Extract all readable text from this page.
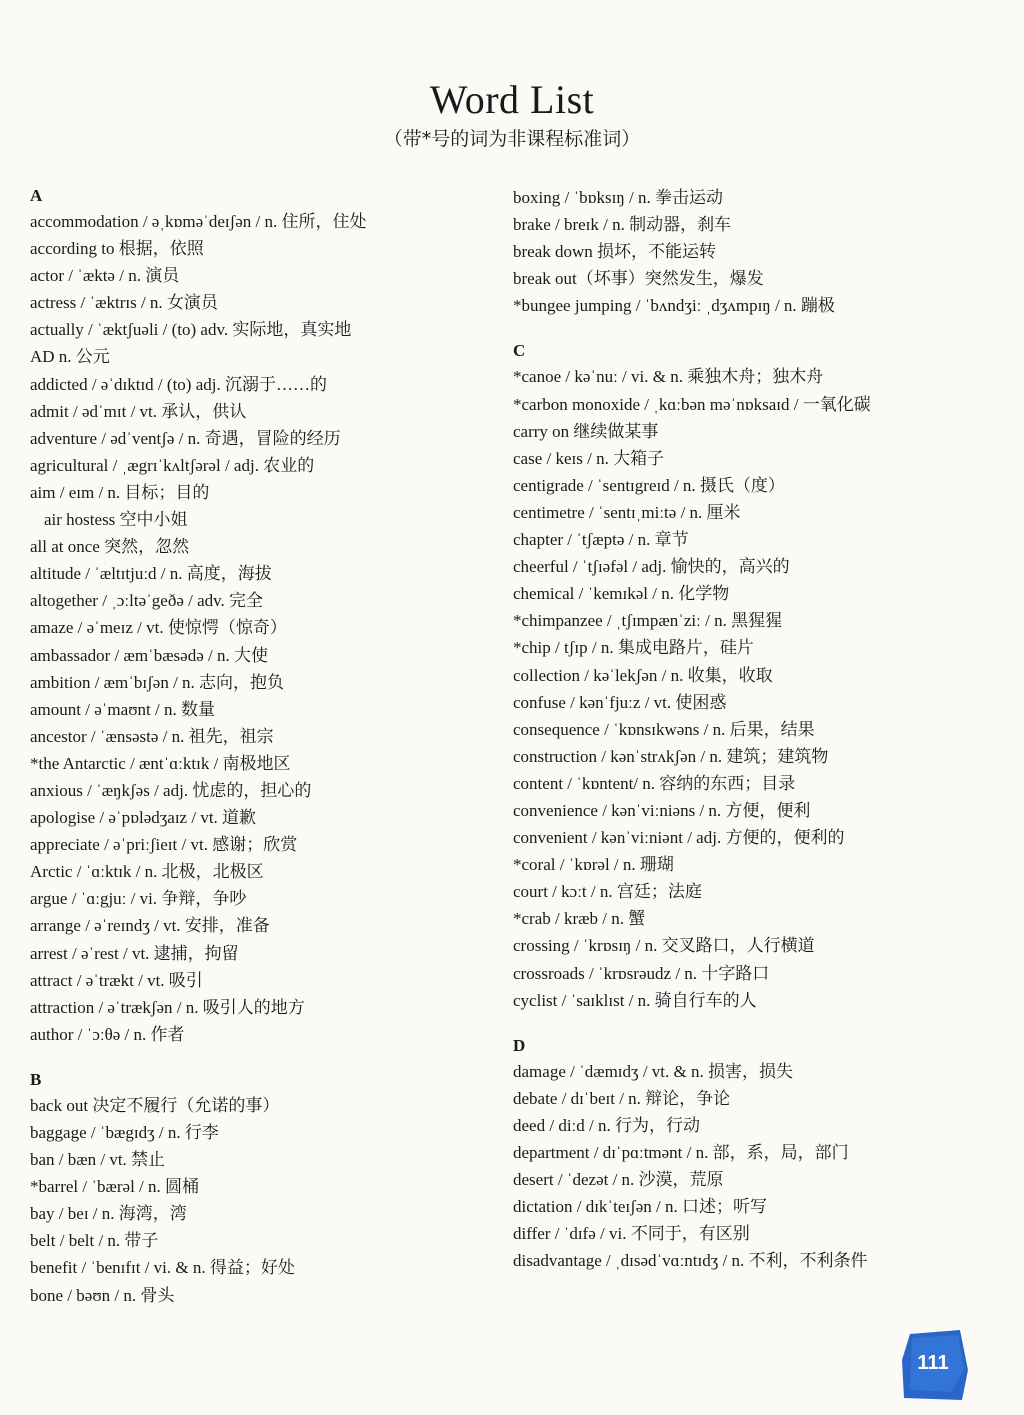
Word List
（带*号的词为非课程标准词）
A
accommodation / əˌkɒməˈdeɪʃən / n. 住所，住处
according to 根据，依照
actor / ˈæktə / n. 演员
actress / ˈæktrɪs / n. 女演员
actually / ˈæktʃuəli / (to) adv. 实际地，真实地
AD n. 公元
addicted / əˈdɪktɪd / (to) adj. 沉溺于……的
admit / ədˈmɪt / vt. 承认，供认
adventure / ədˈventʃə / n. 奇遇，冒险的经历
agricultural / ˌægrɪˈkʌltʃərəl / adj. 农业的
aim / eɪm / n. 目标；目的
air hostess 空中小姐
all at once 突然，忽然
altitude / ˈæltɪtjuːd / n. 高度，海拔
altogether / ˌɔːltəˈgeðə / adv. 完全
amaze / əˈmeɪz / vt. 使惊愕（惊奇）
ambassador / æmˈbæsədə / n. 大使
ambition / æmˈbɪʃən / n. 志向，抱负
amount / əˈmaʊnt / n. 数量
ancestor / ˈænsəstə / n. 祖先，祖宗
*the Antarctic / æntˈɑːktɪk / 南极地区
anxious / ˈæŋkʃəs / adj. 忧虑的，担心的
apologise / əˈpɒlədʒaɪz / vt. 道歉
appreciate / əˈpriːʃieɪt / vt. 感谢；欣赏
Arctic / ˈɑːktɪk / n. 北极，北极区
argue / ˈɑːgjuː / vi. 争辩，争吵
arrange / əˈreɪndʒ / vt. 安排，准备
arrest / əˈrest / vt. 逮捕，拘留
attract / əˈtrækt / vt. 吸引
attraction / əˈtrækʃən / n. 吸引人的地方
author / ˈɔːθə / n. 作者
B
back out 决定不履行（允诺的事）
baggage / ˈbægɪdʒ / n. 行李
ban / bæn / vt. 禁止
*barrel / ˈbærəl / n. 圆桶
bay / beɪ / n. 海湾，湾
belt / belt / n. 带子
benefit / ˈbenɪfɪt / vi. & n. 得益；好处
bone / bəʊn / n. 骨头
boxing / ˈbɒksɪŋ / n. 拳击运动
brake / breɪk / n. 制动器，刹车
break down 损坏，不能运转
break out（坏事）突然发生，爆发
*bungee jumping / ˈbʌndʒiː ˌdʒʌmpɪŋ / n. 蹦极
C
*canoe / kəˈnuː / vi. & n. 乘独木舟；独木舟
*carbon monoxide / ˌkɑːbən məˈnɒksaɪd / 一氧化碳
carry on 继续做某事
case / keɪs / n. 大箱子
centigrade / ˈsentɪgreɪd / n. 摄氏（度）
centimetre / ˈsentɪˌmiːtə / n. 厘米
chapter / ˈtʃæptə / n. 章节
cheerful / ˈtʃɪəfəl / adj. 愉快的，高兴的
chemical / ˈkemɪkəl / n. 化学物
*chimpanzee / ˌtʃɪmpænˈziː / n. 黑猩猩
*chip / tʃɪp / n. 集成电路片，硅片
collection / kəˈlekʃən / n. 收集，收取
confuse / kənˈfjuːz / vt. 使困惑
consequence / ˈkɒnsɪkwəns / n. 后果，结果
construction / kənˈstrʌkʃən / n. 建筑；建筑物
content / ˈkɒntent/ n. 容纳的东西；目录
convenience / kənˈviːniəns / n. 方便，便利
convenient / kənˈviːniənt / adj. 方便的，便利的
*coral / ˈkɒrəl / n. 珊瑚
court / kɔːt / n. 宫廷；法庭
*crab / kræb / n. 蟹
crossing / ˈkrɒsɪŋ / n. 交叉路口，人行横道
crossroads / ˈkrɒsrəudz / n. 十字路口
cyclist / ˈsaɪklɪst / n. 骑自行车的人
D
damage / ˈdæmɪdʒ / vt. & n. 损害，损失
debate / dɪˈbeɪt / n. 辩论，争论
deed / diːd / n. 行为，行动
department / dɪˈpɑːtmənt / n. 部，系，局，部门
desert / ˈdezət / n. 沙漠，荒原
dictation / dɪkˈteɪʃən / n. 口述；听写
differ / ˈdɪfə / vi. 不同于，有区别
disadvantage / ˌdɪsədˈvɑːntɪdʒ / n. 不利，不利条件
111
